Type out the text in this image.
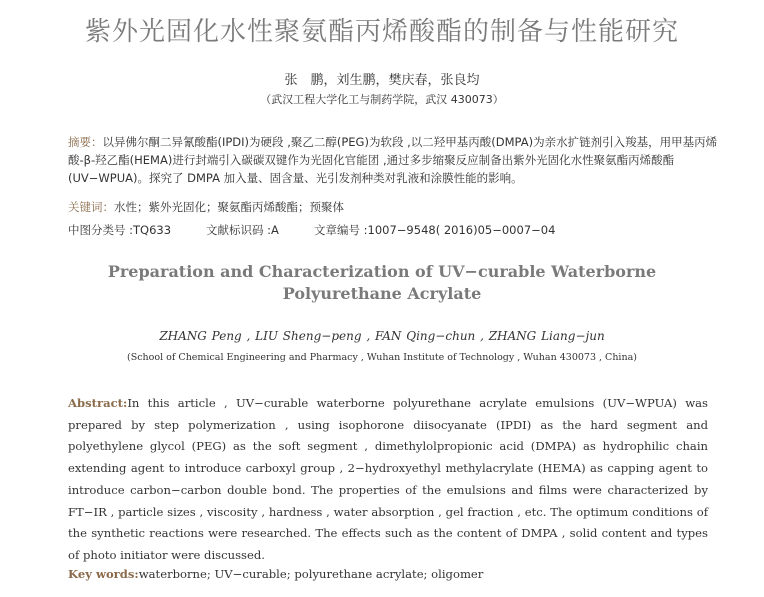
紫外光固化水性聚氨酯丙烯酸酯的制备与性能研究
张　鹏，刘生鹏，樊庆春，张良均
（武汉工程大学化工与制药学院，武汉 430073）
摘要：以异佛尔酮二异氰酸酯(IPDI)为硬段 ,聚乙二醇(PEG)为软段 ,以二羟甲基丙酸(DMPA)为亲水扩链剂引入羧基，用甲基丙烯酸-β-羟乙酯(HEMA)进行封端引入碳碳双键作为光固化官能团 ,通过多步缩聚反应制备出紫外光固化水性聚氨酯丙烯酸酯(UV−WPUA)。探究了 DMPA 加入量、固含量、光引发剂种类对乳液和涂膜性能的影响。
关键词：水性；紫外光固化；聚氨酯丙烯酸酯；预聚体
中图分类号 :TQ633	文献标识码 :A	文章编号 :1007−9548( 2016)05−0007−04
Preparation and Characterization of UV−curable Waterborne
Polyurethane Acrylate
ZHANG Peng , LIU Sheng−peng , FAN Qing−chun , ZHANG Liang−jun
(School of Chemical Engineering and Pharmacy , Wuhan Institute of Technology , Wuhan 430073 , China)
Abstract:In this article , UV−curable waterborne polyurethane acrylate emulsions (UV−WPUA) was prepared by step polymerization , using isophorone diisocyanate (IPDI) as the hard segment and polyethylene glycol (PEG) as the soft segment , dimethylolpropionic acid (DMPA) as hydrophilic chain extending agent to introduce carboxyl group , 2−hydroxyethyl methylacrylate (HEMA) as capping agent to introduce carbon−carbon double bond. The properties of the emulsions and films were characterized by FT−IR , particle sizes , viscosity , hardness , water absorption , gel fraction , etc. The optimum conditions of the synthetic reactions were researched. The effects such as the content of DMPA , solid content and types of photo initiator were discussed.
Key words:waterborne; UV−curable; polyurethane acrylate; oligomer
